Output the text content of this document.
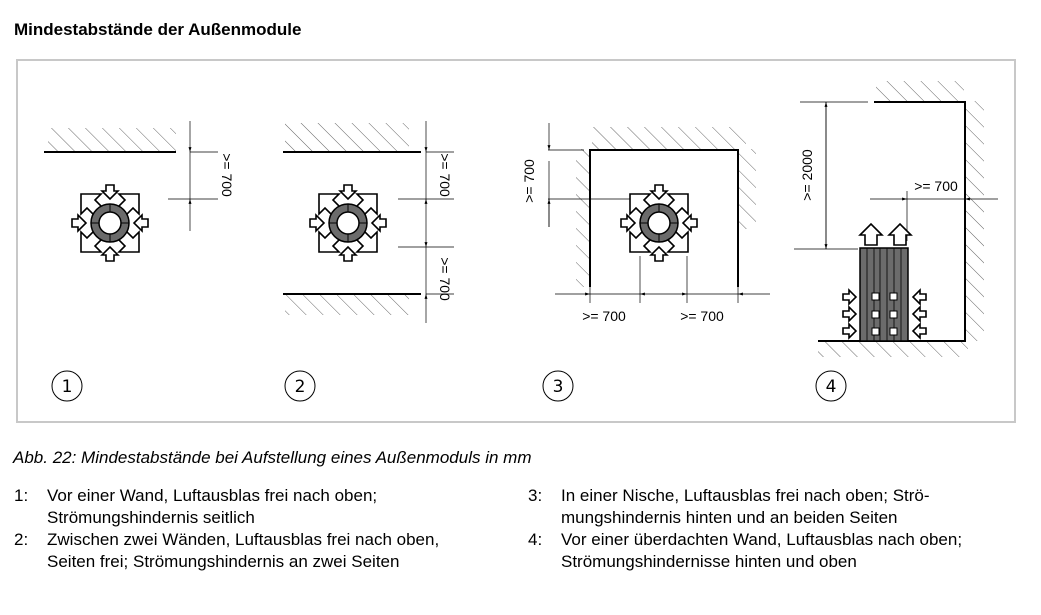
Mindestabstände der Außenmodule
>= 700
1
>= 700
>= 700
2
>= 700
>= 700	>= 700
3
>= 2000	>= 700
4
Abb. 22: Mindestabstände bei Aufstellung eines Außenmoduls in mm
1:	Vor einer Wand, Luftausblas frei nach oben; Strömungshindernis seitlich
2:	Zwischen zwei Wänden, Luftausblas frei nach oben, Seiten frei; Strömungshindernis an zwei Seiten
3:	In einer Nische, Luftausblas frei nach oben; Strö-mungshindernis hinten und an beiden Seiten
4:	Vor einer überdachten Wand, Luftausblas nach oben; Strömungshindernisse hinten und oben
